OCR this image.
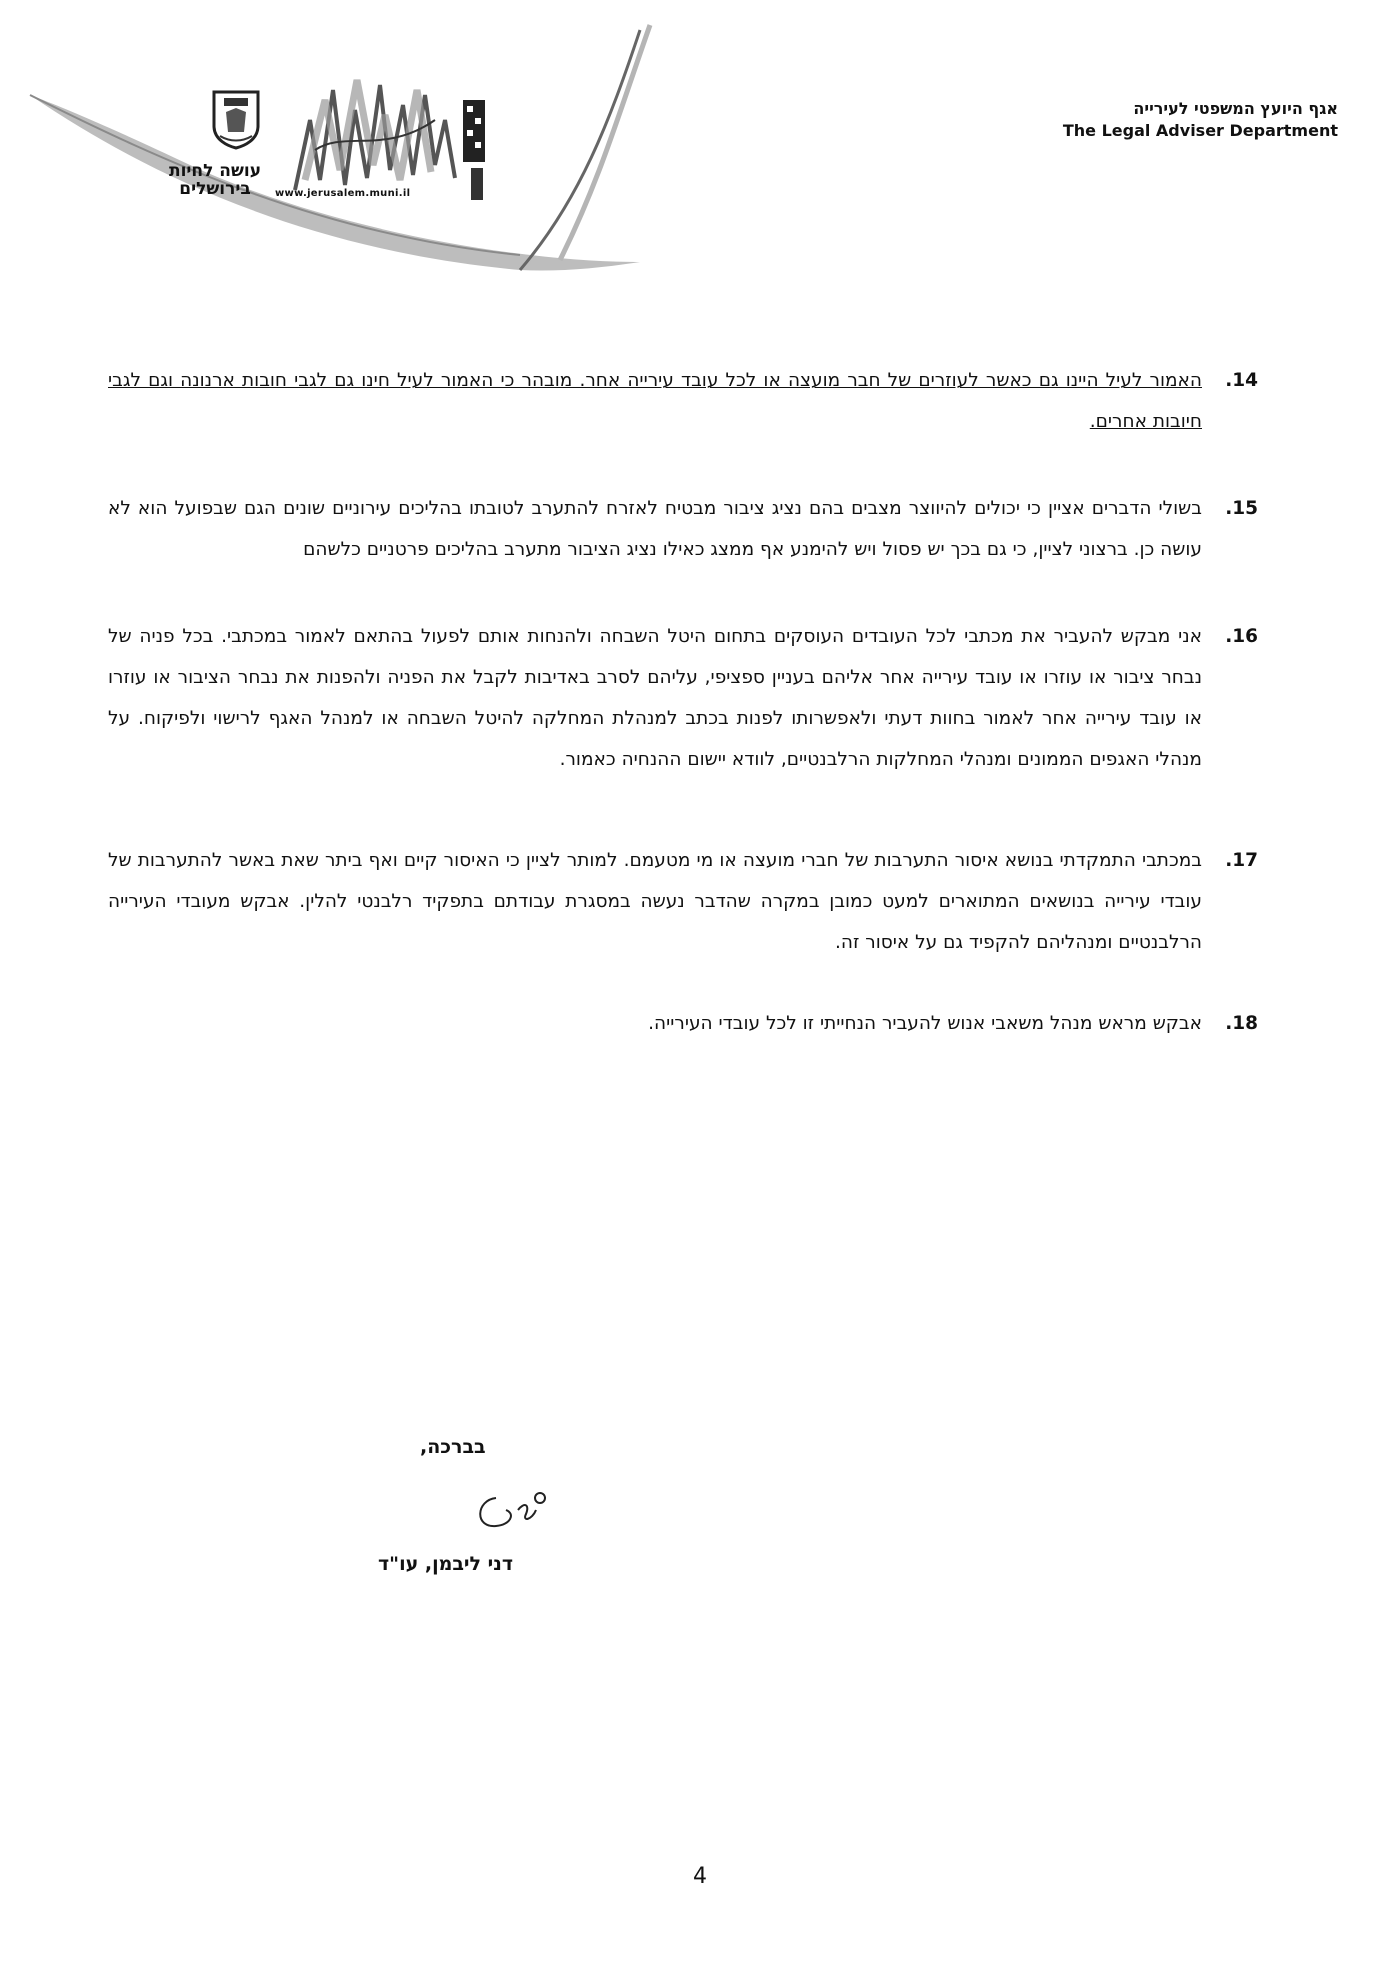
עושה לחיות בירושלים	www.jerusalem.muni.il
אגף היועץ המשפטי לעירייה
The Legal Adviser Department
14.
האמור לעיל היינו גם כאשר לעוזרים של חבר מועצה או לכל עובד עירייה אחר. מובהר כי האמור לעיל חינו גם לגבי חובות ארנונה וגם לגבי חיובות אחרים.
15.
בשולי הדברים אציין כי יכולים להיווצר מצבים בהם נציג ציבור מבטיח לאזרח להתערב לטובתו בהליכים עירוניים שונים הגם שבפועל הוא לא עושה כן. ברצוני לציין, כי גם בכך יש פסול ויש להימנע אף ממצג כאילו נציג הציבור מתערב בהליכים פרטניים כלשהם
16.
אני מבקש להעביר את מכתבי לכל העובדים העוסקים בתחום היטל השבחה ולהנחות אותם לפעול בהתאם לאמור במכתבי. בכל פניה של נבחר ציבור או עוזרו או עובד עירייה אחר אליהם בעניין ספציפי, עליהם לסרב באדיבות לקבל את הפניה ולהפנות את נבחר הציבור או עוזרו או עובד עירייה אחר לאמור בחוות דעתי ולאפשרותו לפנות בכתב למנהלת המחלקה להיטל השבחה או למנהל האגף לרישוי ולפיקוח. על מנהלי האגפים הממונים ומנהלי המחלקות הרלבנטיים, לוודא יישום ההנחיה כאמור.
17.
במכתבי התמקדתי בנושא איסור התערבות של חברי מועצה או מי מטעמם. למותר לציין כי האיסור קיים ואף ביתר שאת באשר להתערבות של עובדי עירייה בנושאים המתוארים למעט כמובן במקרה שהדבר נעשה במסגרת עבודתם בתפקיד רלבנטי להלין. אבקש מעובדי העירייה הרלבנטיים ומנהליהם להקפיד גם על איסור זה.
18.
אבקש מראש מנהל משאבי אנוש להעביר הנחייתי זו לכל עובדי העירייה.
בברכה,
דני ליבמן, עו"ד
4
